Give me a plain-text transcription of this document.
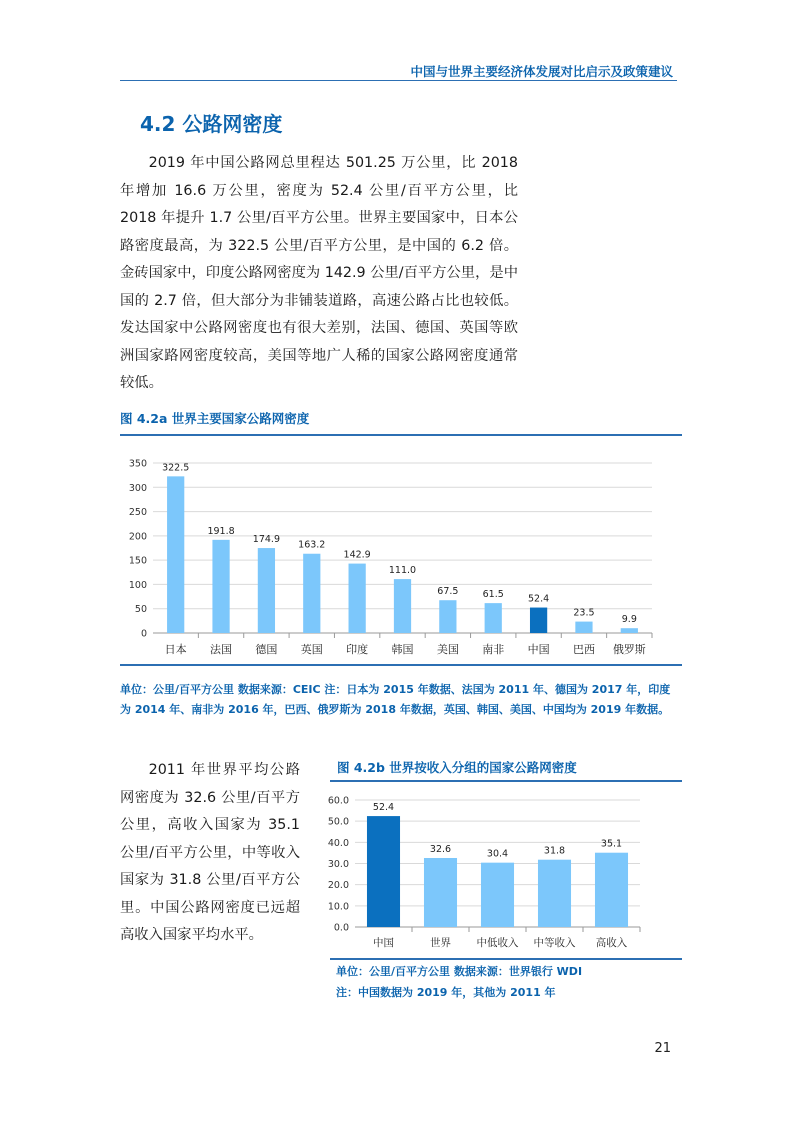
中国与世界主要经济体发展对比启示及政策建议
4.2 公路网密度

2019 年中国公路网总里程达 501.25 万公里，比 2018 年增加 16.6 万公里，密度为 52.4 公里/百平方公里，比 2018 年提升 1.7 公里/百平方公里。世界主要国家中，日本公路密度最高，为 322.5 公里/百平方公里，是中国的 6.2 倍。金砖国家中，印度公路网密度为 142.9 公里/百平方公里，是中国的 2.7 倍，但大部分为非铺装道路，高速公路占比也较低。发达国家中公路网密度也有很大差别，法国、德国、英国等欧洲国家路网密度较高，美国等地广人稀的国家公路网密度通常较低。

图 4.2a 世界主要国家公路网密度
0
50
100
150
200
250
300
350 322.5
日本
191.8
法国
174.9
德国
163.2
英国
142.9
印度
111.0
韩国
67.5
美国
61.5
南非
52.4
中国
23.5
巴西
9.9
俄罗斯

单位：公里/百平方公里 数据来源：CEIC 注：日本为 2015 年数据、法国为 2011 年、德国为 2017 年，印度为 2014 年、南非为 2016 年，巴西、俄罗斯为 2018 年数据，英国、韩国、美国、中国均为 2019 年数据。

2011 年世界平均公路网密度为 32.6 公里/百平方公里，高收入国家为 35.1 公里/百平方公里，中等收入国家为 31.8 公里/百平方公里。中国公路网密度已远超高收入国家平均水平。

图 4.2b 世界按收入分组的国家公路网密度
0.0
10.0
20.0
30.0
40.0
50.0
60.0
52.4
中国
32.6
世界
30.4
中低收入
31.8
中等收入
35.1
高收入
单位：公里/百平方公里 数据来源：世界银行 WDI
注：中国数据为 2019 年，其他为 2011 年
21
